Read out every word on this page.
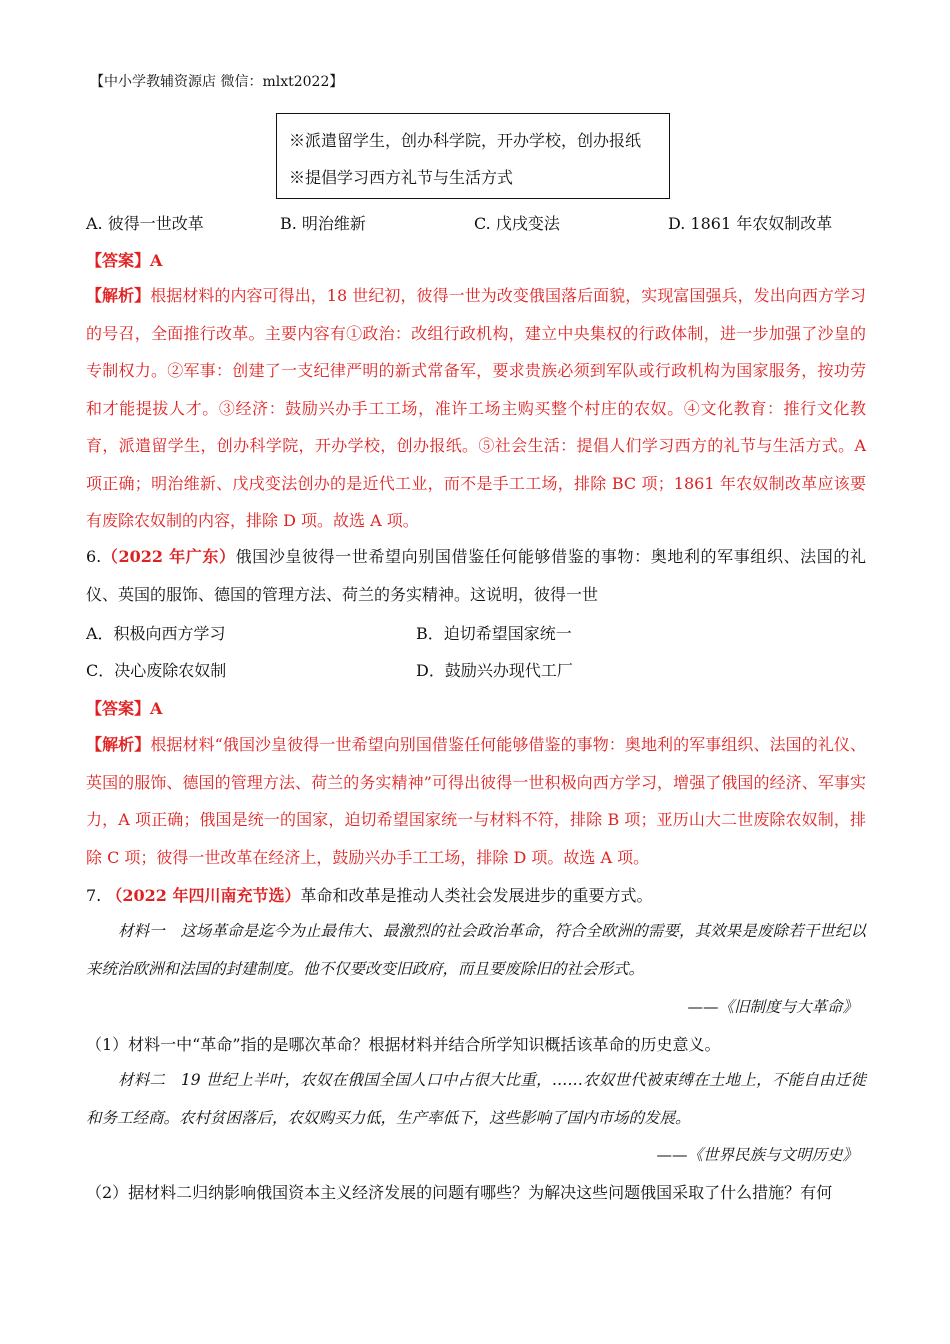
【中小学教辅资源店 微信：mlxt2022】
※派遣留学生，创办科学院，开办学校，创办报纸
※提倡学习西方礼节与生活方式
A. 彼得一世改革	B. 明治维新	C. 戊戌变法	D. 1861 年农奴制改革
【答案】A
【解析】根据材料的内容可得出，18 世纪初，彼得一世为改变俄国落后面貌，实现富国强兵，发出向西方学习的号召，全面推行改革。主要内容有①政治：改组行政机构，建立中央集权的行政体制，进一步加强了沙皇的专制权力。②军事：创建了一支纪律严明的新式常备军，要求贵族必须到军队或行政机构为国家服务，按功劳和才能提拔人才。③经济：鼓励兴办手工工场，准许工场主购买整个村庄的农奴。④文化教育：推行文化教育，派遣留学生，创办科学院，开办学校，创办报纸。⑤社会生活：提倡人们学习西方的礼节与生活方式。A 项正确；明治维新、戊戌变法创办的是近代工业，而不是手工工场，排除 BC 项；1861 年农奴制改革应该要有废除农奴制的内容，排除 D 项。故选 A 项。
6.（2022 年广东）俄国沙皇彼得一世希望向别国借鉴任何能够借鉴的事物：奥地利的军事组织、法国的礼仪、英国的服饰、德国的管理方法、荷兰的务实精神。这说明，彼得一世
A．积极向西方学习	B．迫切希望国家统一
C．决心废除农奴制	D．鼓励兴办现代工厂
【答案】A
【解析】根据材料“俄国沙皇彼得一世希望向别国借鉴任何能够借鉴的事物：奥地利的军事组织、法国的礼仪、英国的服饰、德国的管理方法、荷兰的务实精神”可得出彼得一世积极向西方学习，增强了俄国的经济、军事实力，A 项正确；俄国是统一的国家，迫切希望国家统一与材料不符，排除 B 项；亚历山大二世废除农奴制，排除 C 项；彼得一世改革在经济上，鼓励兴办手工工场，排除 D 项。故选 A 项。
7. （2022 年四川南充节选）革命和改革是推动人类社会发展进步的重要方式。
材料一　这场革命是迄今为止最伟大、最激烈的社会政治革命，符合全欧洲的需要，其效果是废除若干世纪以来统治欧洲和法国的封建制度。他不仅要改变旧政府，而且要废除旧的社会形式。
——《旧制度与大革命》
（1）材料一中“革命”指的是哪次革命？根据材料并结合所学知识概括该革命的历史意义。
材料二　19 世纪上半叶，农奴在俄国全国人口中占很大比重，……农奴世代被束缚在土地上，不能自由迁徙和务工经商。农村贫困落后，农奴购买力低，生产率低下，这些影响了国内市场的发展。
——《世界民族与文明历史》
（2）据材料二归纳影响俄国资本主义经济发展的问题有哪些？为解决这些问题俄国采取了什么措施？有何
